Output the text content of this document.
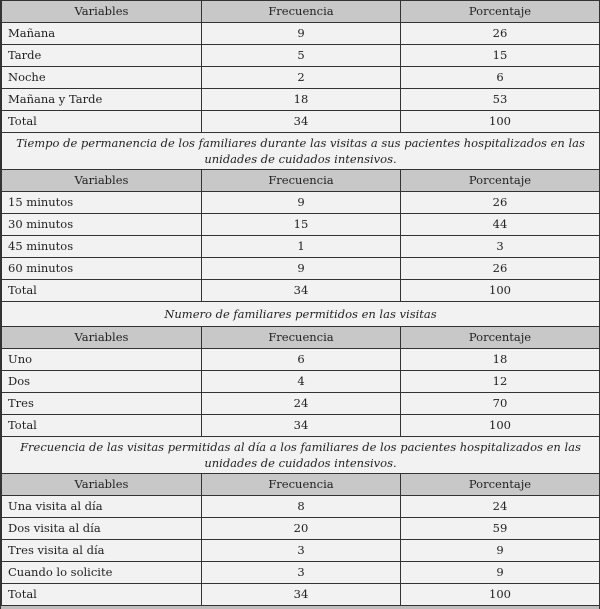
Variables	Frecuencia	Porcentaje
Mañana	9	26
Tarde	5	15
Noche	2	6
Mañana y Tarde	18	53
Total	34	100
Tiempo de permanencia de los familiares durante las visitas a sus pacientes hospitalizados en las unidades de cuidados intensivos.		
Variables	Frecuencia	Porcentaje
15 minutos	9	26
30 minutos	15	44
45 minutos	1	3
60 minutos	9	26
Total	34	100
Numero de familiares permitidos en las visitas		
Variables	Frecuencia	Porcentaje
Uno	6	18
Dos	4	12
Tres	24	70
Total	34	100
Frecuencia de las visitas permitidas al día a los familiares de los pacientes hospitalizados en las unidades de cuidados intensivos.		
Variables	Frecuencia	Porcentaje
Una visita al día	8	24
Dos visita al día	20	59
Tres visita al día	3	9
Cuando lo solicite	3	9
Total	34	100
